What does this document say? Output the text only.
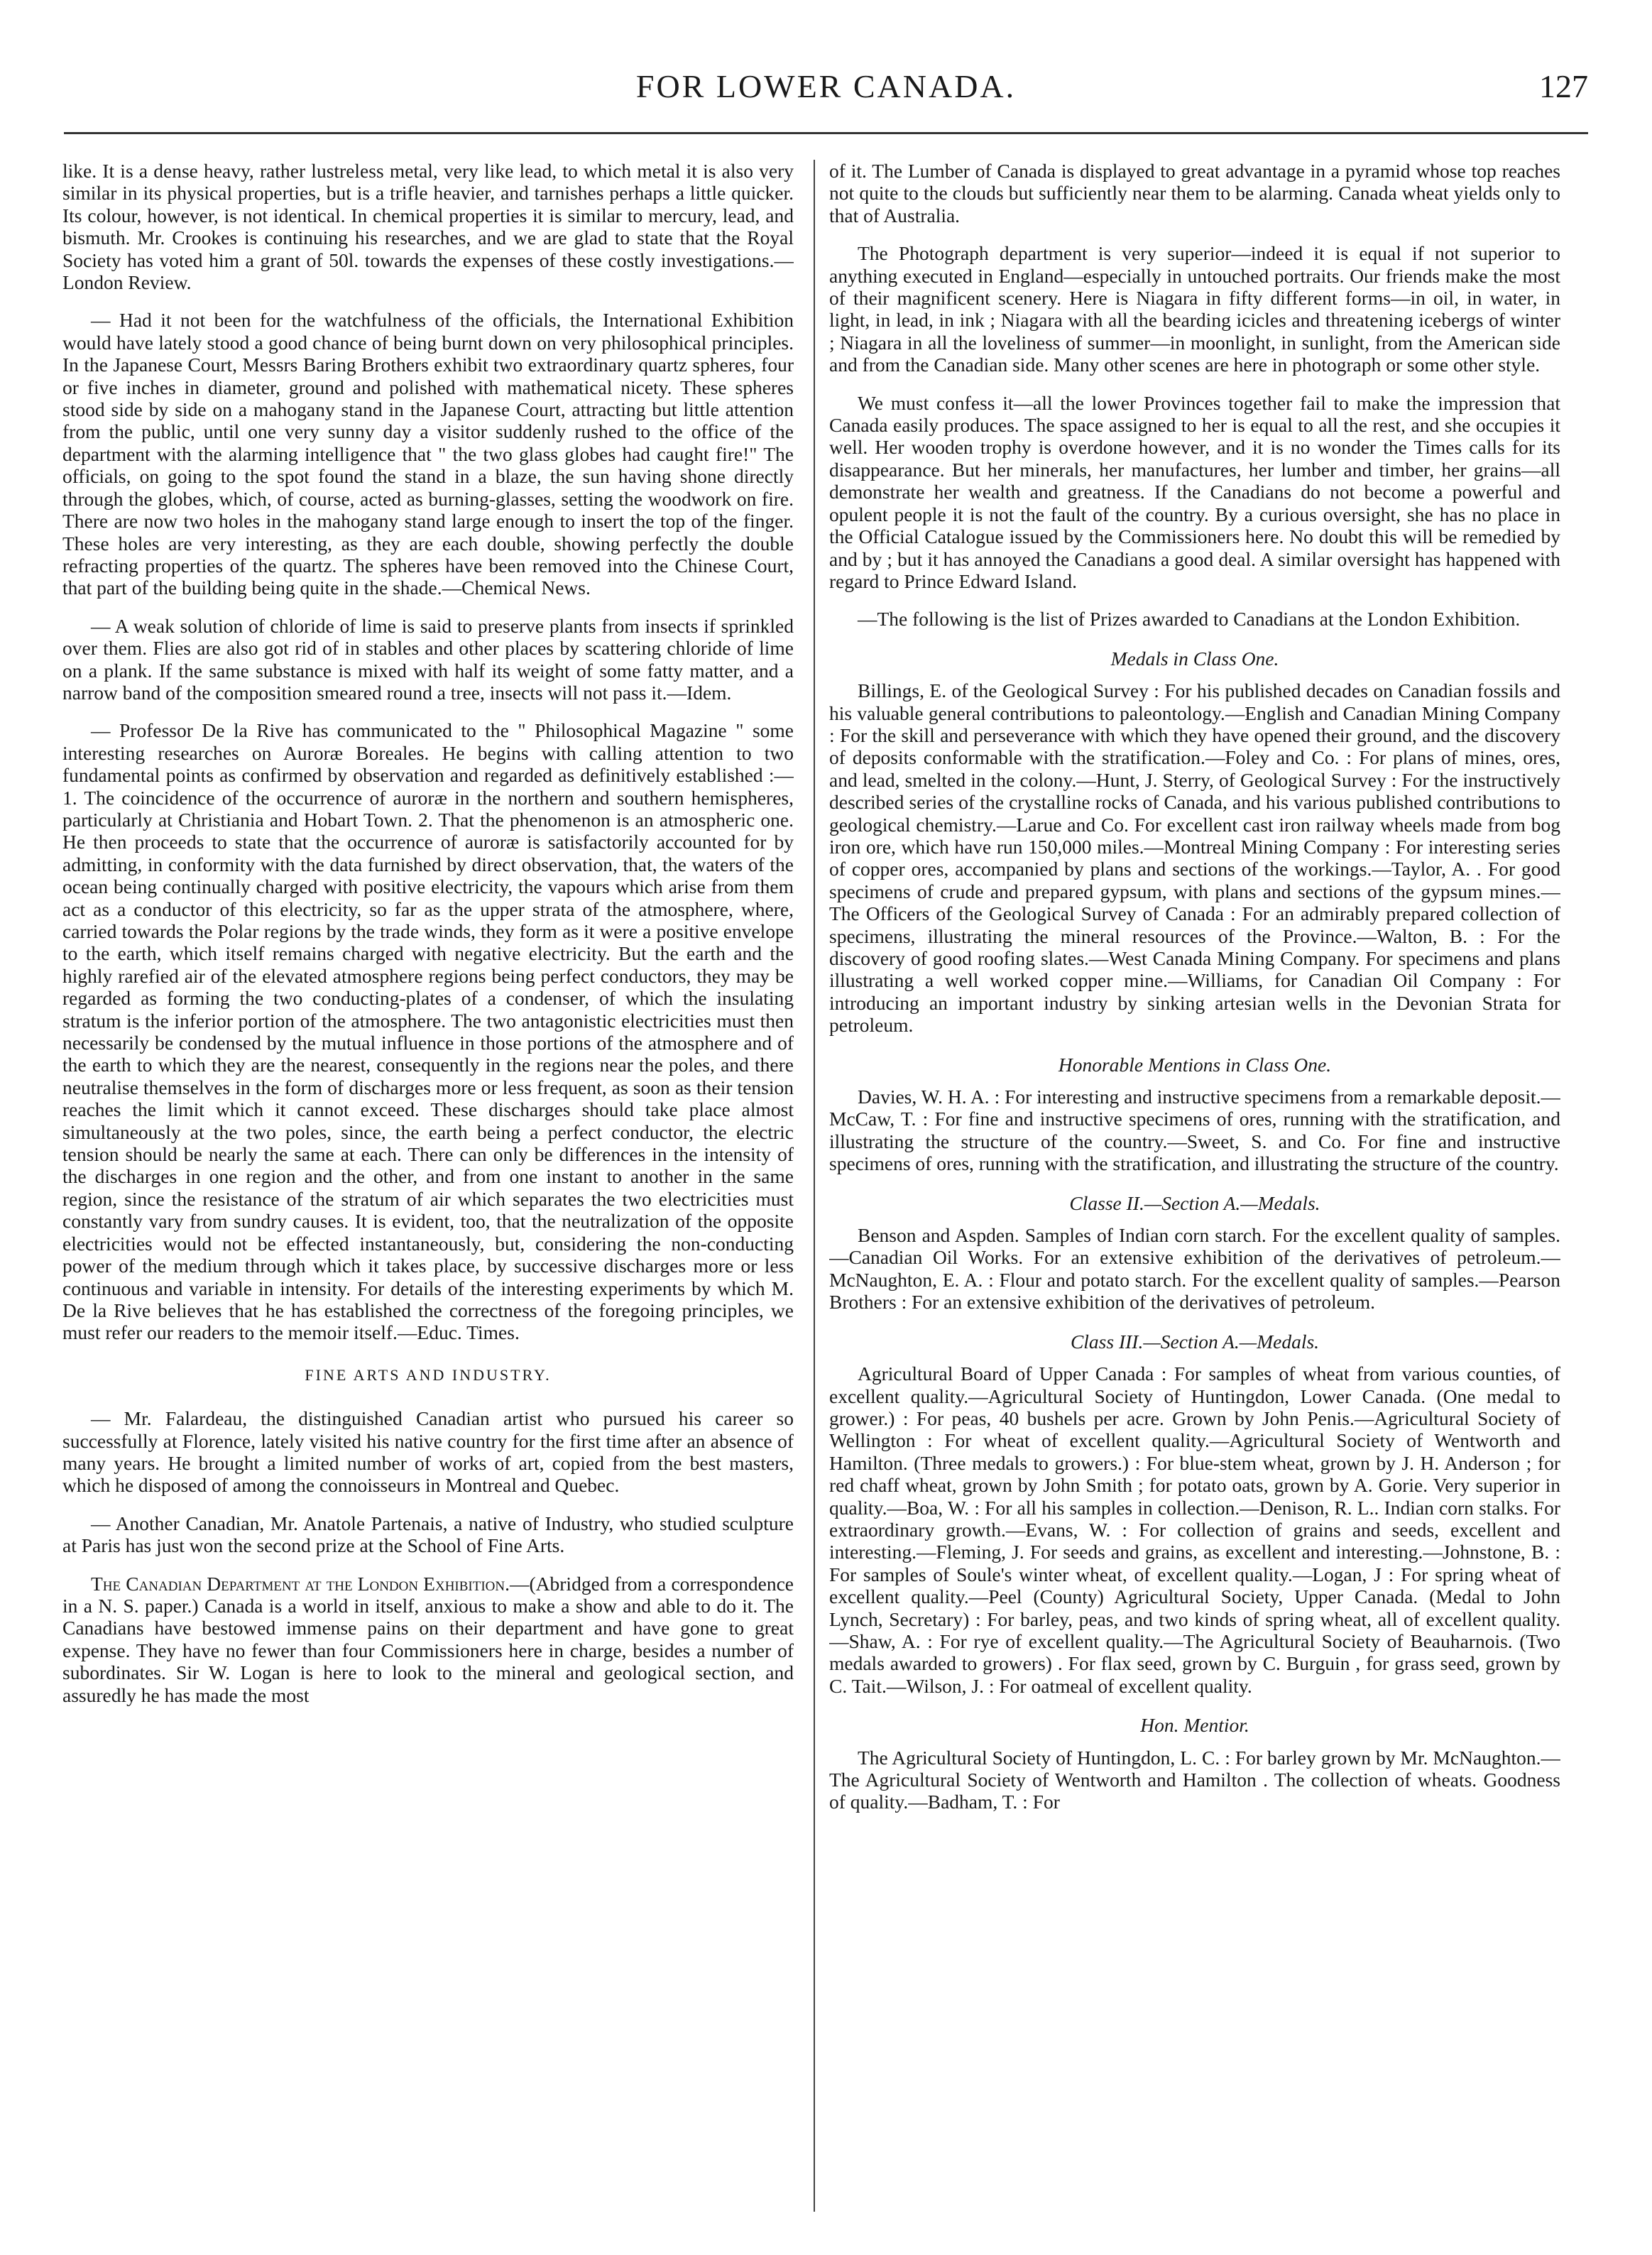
FOR LOWER CANADA.	127

like. It is a dense heavy, rather lustreless metal, very like lead, to which metal it is also very similar in its physical properties, but is a trifle heavier, and tarnishes perhaps a little quicker. Its colour, however, is not identical. In chemical properties it is similar to mercury, lead, and bismuth. Mr. Crookes is continuing his researches, and we are glad to state that the Royal Society has voted him a grant of 50l. towards the expenses of these costly investigations.—London Review.

— Had it not been for the watchfulness of the officials, the International Exhibition would have lately stood a good chance of being burnt down on very philosophical principles. In the Japanese Court, Messrs Baring Brothers exhibit two extraordinary quartz spheres, four or five inches in diameter, ground and polished with mathematical nicety. These spheres stood side by side on a mahogany stand in the Japanese Court, attracting but little attention from the public, until one very sunny day a visitor suddenly rushed to the office of the department with the alarming intelligence that " the two glass globes had caught fire!" The officials, on going to the spot found the stand in a blaze, the sun having shone directly through the globes, which, of course, acted as burning-glasses, setting the woodwork on fire. There are now two holes in the mahogany stand large enough to insert the top of the finger. These holes are very interesting, as they are each double, showing perfectly the double refracting properties of the quartz. The spheres have been removed into the Chinese Court, that part of the building being quite in the shade.—Chemical News.

— A weak solution of chloride of lime is said to preserve plants from insects if sprinkled over them. Flies are also got rid of in stables and other places by scattering chloride of lime on a plank. If the same substance is mixed with half its weight of some fatty matter, and a narrow band of the composition smeared round a tree, insects will not pass it.—Idem.

— Professor De la Rive has communicated to the " Philosophical Magazine " some interesting researches on Auroræ Boreales. He begins with calling attention to two fundamental points as confirmed by observation and regarded as definitively established :—1. The coincidence of the occurrence of auroræ in the northern and southern hemispheres, particularly at Christiania and Hobart Town. 2. That the phenomenon is an atmospheric one. He then proceeds to state that the occurrence of auroræ is satisfactorily accounted for by admitting, in conformity with the data furnished by direct observation, that, the waters of the ocean being continually charged with positive electricity, the vapours which arise from them act as a conductor of this electricity, so far as the upper strata of the atmosphere, where, carried towards the Polar regions by the trade winds, they form as it were a positive envelope to the earth, which itself remains charged with negative electricity. But the earth and the highly rarefied air of the elevated atmosphere regions being perfect conductors, they may be regarded as forming the two conducting-plates of a condenser, of which the insulating stratum is the inferior portion of the atmosphere. The two antagonistic electricities must then necessarily be condensed by the mutual influence in those portions of the atmosphere and of the earth to which they are the nearest, consequently in the regions near the poles, and there neutralise themselves in the form of discharges more or less frequent, as soon as their tension reaches the limit which it cannot exceed. These discharges should take place almost simultaneously at the two poles, since, the earth being a perfect conductor, the electric tension should be nearly the same at each. There can only be differences in the intensity of the discharges in one region and the other, and from one instant to another in the same region, since the resistance of the stratum of air which separates the two electricities must constantly vary from sundry causes. It is evident, too, that the neutralization of the opposite electricities would not be effected instantaneously, but, considering the non-conducting power of the medium through which it takes place, by successive discharges more or less continuous and variable in intensity. For details of the interesting experiments by which M. De la Rive believes that he has established the correctness of the foregoing principles, we must refer our readers to the memoir itself.—Educ. Times.

FINE ARTS AND INDUSTRY.

— Mr. Falardeau, the distinguished Canadian artist who pursued his career so successfully at Florence, lately visited his native country for the first time after an absence of many years. He brought a limited number of works of art, copied from the best masters, which he disposed of among the connoisseurs in Montreal and Quebec.

— Another Canadian, Mr. Anatole Partenais, a native of Industry, who studied sculpture at Paris has just won the second prize at the School of Fine Arts.

The Canadian Department at the London Exhibition.—(Abridged from a correspondence in a N. S. paper.) Canada is a world in itself, anxious to make a show and able to do it. The Canadians have bestowed immense pains on their department and have gone to great expense. They have no fewer than four Commissioners here in charge, besides a number of subordinates. Sir W. Logan is here to look to the mineral and geological section, and assuredly he has made the most

of it. The Lumber of Canada is displayed to great advantage in a pyramid whose top reaches not quite to the clouds but sufficiently near them to be alarming. Canada wheat yields only to that of Australia.

The Photograph department is very superior—indeed it is equal if not superior to anything executed in England—especially in untouched portraits. Our friends make the most of their magnificent scenery. Here is Niagara in fifty different forms—in oil, in water, in light, in lead, in ink ; Niagara with all the bearding icicles and threatening icebergs of winter ; Niagara in all the loveliness of summer—in moonlight, in sunlight, from the American side and from the Canadian side. Many other scenes are here in photograph or some other style.

We must confess it—all the lower Provinces together fail to make the impression that Canada easily produces. The space assigned to her is equal to all the rest, and she occupies it well. Her wooden trophy is overdone however, and it is no wonder the Times calls for its disappearance. But her minerals, her manufactures, her lumber and timber, her grains—all demonstrate her wealth and greatness. If the Canadians do not become a powerful and opulent people it is not the fault of the country. By a curious oversight, she has no place in the Official Catalogue issued by the Commissioners here. No doubt this will be remedied by and by ; but it has annoyed the Canadians a good deal. A similar oversight has happened with regard to Prince Edward Island.

—The following is the list of Prizes awarded to Canadians at the London Exhibition.

Medals in Class One.

Billings, E. of the Geological Survey : For his published decades on Canadian fossils and his valuable general contributions to paleontology.—English and Canadian Mining Company : For the skill and perseverance with which they have opened their ground, and the discovery of deposits conformable with the stratification.—Foley and Co. : For plans of mines, ores, and lead, smelted in the colony.—Hunt, J. Sterry, of Geological Survey : For the instructively described series of the crystalline rocks of Canada, and his various published contributions to geological chemistry.—Larue and Co. For excellent cast iron railway wheels made from bog iron ore, which have run 150,000 miles.—Montreal Mining Company : For interesting series of copper ores, accompanied by plans and sections of the workings.—Taylor, A. . For good specimens of crude and prepared gypsum, with plans and sections of the gypsum mines.—The Officers of the Geological Survey of Canada : For an admirably prepared collection of specimens, illustrating the mineral resources of the Province.—Walton, B. : For the discovery of good roofing slates.—West Canada Mining Company. For specimens and plans illustrating a well worked copper mine.—Williams, for Canadian Oil Company : For introducing an important industry by sinking artesian wells in the Devonian Strata for petroleum.

Honorable Mentions in Class One.

Davies, W. H. A. : For interesting and instructive specimens from a remarkable deposit.—McCaw, T. : For fine and instructive specimens of ores, running with the stratification, and illustrating the structure of the country.—Sweet, S. and Co. For fine and instructive specimens of ores, running with the stratification, and illustrating the structure of the country.

Classe II.—Section A.—Medals.

Benson and Aspden. Samples of Indian corn starch. For the excellent quality of samples.—Canadian Oil Works. For an extensive exhibition of the derivatives of petroleum.—McNaughton, E. A. : Flour and potato starch. For the excellent quality of samples.—Pearson Brothers : For an extensive exhibition of the derivatives of petroleum.

Class III.—Section A.—Medals.

Agricultural Board of Upper Canada : For samples of wheat from various counties, of excellent quality.—Agricultural Society of Huntingdon, Lower Canada. (One medal to grower.) : For peas, 40 bushels per acre. Grown by John Penis.—Agricultural Society of Wellington : For wheat of excellent quality.—Agricultural Society of Wentworth and Hamilton. (Three medals to growers.) : For blue-stem wheat, grown by J. H. Anderson ; for red chaff wheat, grown by John Smith ; for potato oats, grown by A. Gorie. Very superior in quality.—Boa, W. : For all his samples in collection.—Denison, R. L.. Indian corn stalks. For extraordinary growth.—Evans, W. : For collection of grains and seeds, excellent and interesting.—Fleming, J. For seeds and grains, as excellent and interesting.—Johnstone, B. : For samples of Soule's winter wheat, of excellent quality.—Logan, J : For spring wheat of excellent quality.—Peel (County) Agricultural Society, Upper Canada. (Medal to John Lynch, Secretary) : For barley, peas, and two kinds of spring wheat, all of excellent quality.—Shaw, A. : For rye of excellent quality.—The Agricultural Society of Beauharnois. (Two medals awarded to growers) . For flax seed, grown by C. Burguin , for grass seed, grown by C. Tait.—Wilson, J. : For oatmeal of excellent quality.

Hon. Mentior.

The Agricultural Society of Huntingdon, L. C. : For barley grown by Mr. McNaughton.—The Agricultural Society of Wentworth and Hamilton . The collection of wheats. Goodness of quality.—Badham, T. : For
